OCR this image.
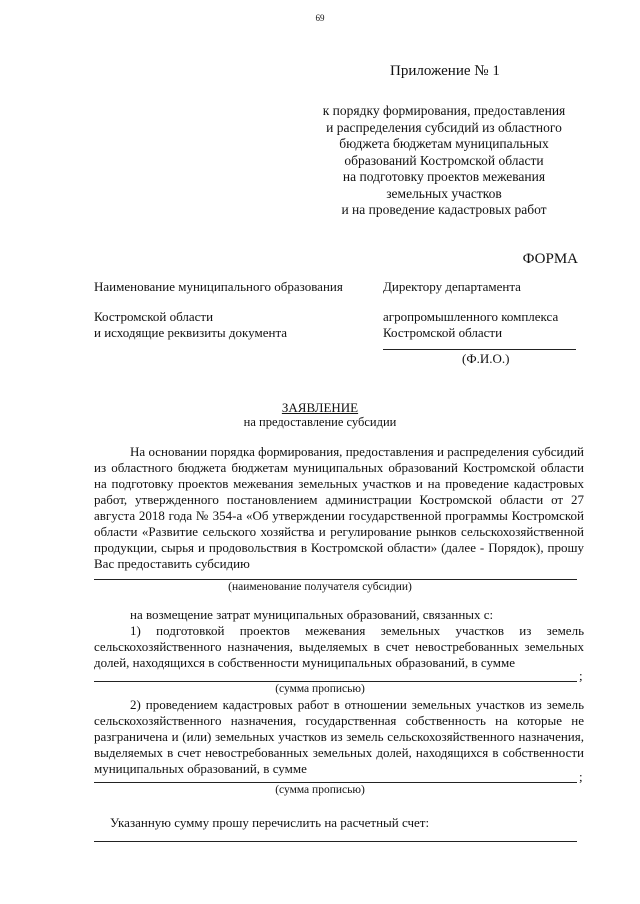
69
Приложение № 1
к порядку формирования, предоставления
и распределения субсидий из областного
бюджета бюджетам муниципальных
образований Костромской области
на подготовку проектов межевания
земельных участков
и на проведение кадастровых работ
ФОРМА
Наименование муниципального образования
Костромской области
и исходящие реквизиты документа
Директору департамента
агропромышленного комплекса
Костромской области
(Ф.И.О.)
ЗАЯВЛЕНИЕ
на предоставление субсидии
На основании порядка формирования, предоставления и распределения субсидий из областного бюджета бюджетам муниципальных образований Костромской области на подготовку проектов межевания земельных участков и на проведение кадастровых работ, утвержденного постановлением администрации Костромской области от 27 августа 2018 года № 354-а «Об утверждении государственной программы Костромской области «Развитие сельского хозяйства и регулирование рынков сельскохозяйственной продукции, сырья и продовольствия в Костромской области» (далее - Порядок), прошу Вас предоставить субсидию
(наименование получателя субсидии)
на возмещение затрат муниципальных образований, связанных с:
1) подготовкой проектов межевания земельных участков из земель сельскохозяйственного назначения, выделяемых в счет невостребованных земельных долей, находящихся в собственности муниципальных образований, в сумме
;
(сумма прописью)
2) проведением кадастровых работ в отношении земельных участков из земель сельскохозяйственного назначения, государственная собственность на которые не разграничена и (или) земельных участков из земель сельскохозяйственного назначения, выделяемых в счет невостребованных земельных долей, находящихся в собственности муниципальных образований, в сумме
;
(сумма прописью)
Указанную сумму прошу перечислить на расчетный счет:
